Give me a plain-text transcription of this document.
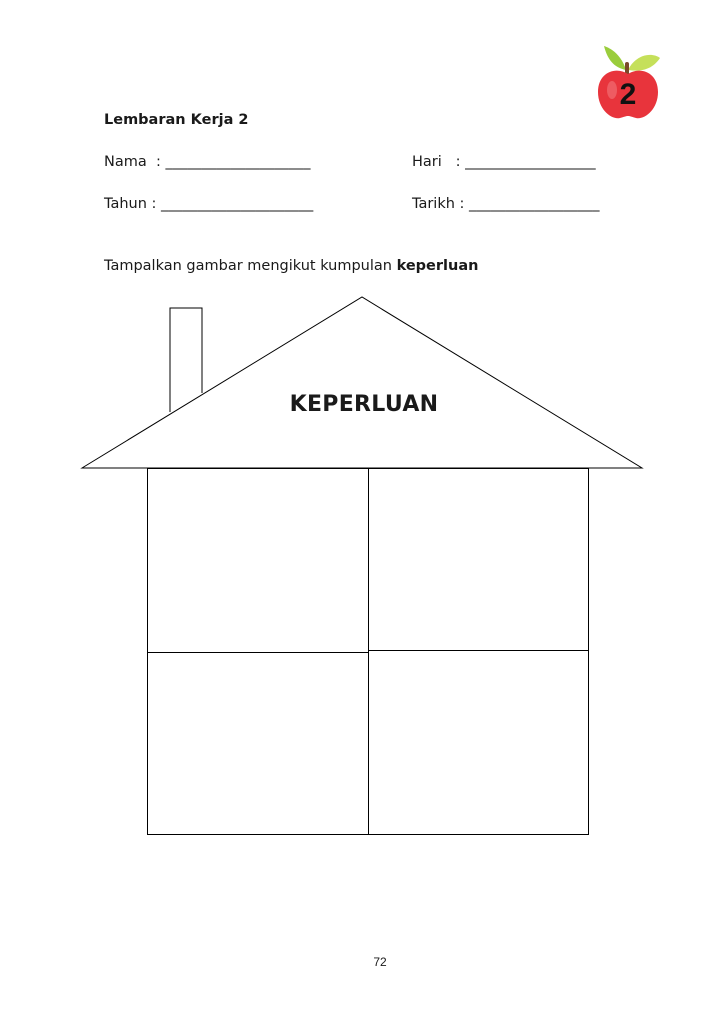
2
Lembaran Kerja 2
Nama  : ____________________	Hari   : __________________
Tahun : _____________________	Tarikh : __________________
Tampalkan gambar mengikut kumpulan keperluan
KEPERLUAN
72
